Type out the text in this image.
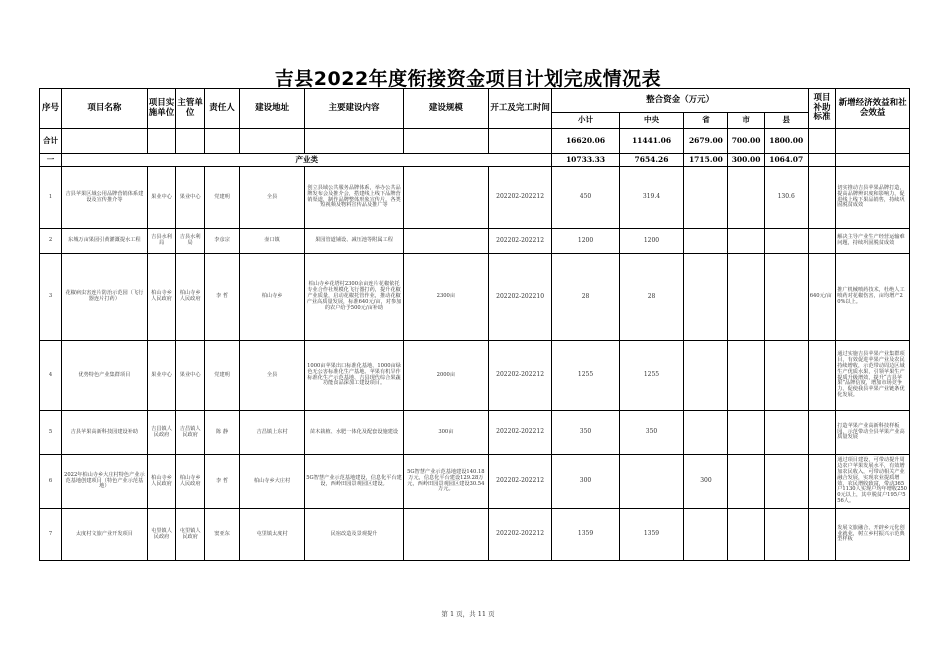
吉县2022年度衔接资金项目计划完成情况表
序号	项目名称	项目实施单位	主管单位	责任人	建设地址	主要建设内容	建设规模	开工及完工时间	整合资金（万元）					项目补助标准	新增经济效益和社会效益
									小计	中央	省	市	县		
合计									16620.06	11441.06	2679.00	700.00	1800.00		
一	产业类								10733.33	7654.26	1715.00	300.00	1064.07		
1	吉县苹果区域公用品牌营销体系建设及宣传推介等	果业中心	果业中心	党建明	全县	创立县域公共服务品牌体系，举办公共品牌发布会及推介会，搭建线上线下品牌营销渠道，制作品牌整体形象宣传片、各类短视频及物料宣传品及推广等		202202-202212	450	319.4			130.6		切实推动吉县苹果品牌打造，提高品牌辨识度和影响力，促进线上线下果品销售，持续巩固脱贫成效
2	东城万亩果园引黄灌溉提水工程	吉县水利局	吉县水利局	李彦宗	壶口镇	果园管道铺设、减压池等附属工程		202202-202212	1200	1200					解决主导产业生产经营运输难问题，持续巩固脱贫成效
3	花椒病虫害连片防治示范园（飞行器连片打药）	柏山寺乡人民政府	柏山寺乡人民政府	李 哲	柏山寺乡	柏山寺乡花塔村2300余亩连片花椒依托专业合作社规模化飞行器打药，提升花椒产业质量，启动花椒托管作业，推动花椒产业高质量发展，标准640元/亩，对参加的农户给予500元/亩补助	2300亩	202202-202210	28	28				640元/亩	推广机械喷药技术，杜绝人工喷药对花椒伤害，亩均增产20%以上。
4	优势特色产业集群项目	果业中心	果业中心	党建明	全县	1000亩苹果出口标准化基地、1000亩绿色无公害标准化生产基地、苹果有机旱作标准化生产示范基地、吉县现代综合果蔬功能食品深加工建设项目。	2000亩	202202-202212	1255	1255					通过实施吉县苹果产业集群项目，有效促进苹果产业及农民持续增收，示范带动周边区域生产优质水果，引领苹果生产提质升级增效，提升“吉县苹果”品牌信度，增加市场竞争力，促使我县苹果产业链条优化发展。
5	吉县苹果高新科技园建设补助	吉昌镇人民政府	吉昌镇人民政府	陈 静	吉昌镇上东村	苗木栽植、水肥一体化及配套设施建设	300亩	202202-202212	350	350					打造苹果产业高新科技样板园，示范带动全县苹果产业高质量发展
6	2022年柏山寺乡大庄村特色产业示范基地创建项目（特色产业示范基地）	柏山寺乡人民政府	柏山寺乡人民政府	李 哲	柏山寺乡大庄村	5G智慧产业示范基地建设，信息化平台建设，西岭田园景观园区建设。	5G智慧产业示范基地建设140.18万元，信息化平台建设129.28万元，西岭田园景观园区建设30.54万元。	202202-202212	300		300				通过项目建设，可带动提升周边农户苹果发展水平，有效增加农民收入，可带动相关产业融合发展，实现农业提质增效，农民增收致富，带动365户1130人实现户均年增收2500元以上，其中脱贫户195户556人。
7	太度村文旅产业开发项目	屯里镇人民政府	屯里镇人民政府	窦亚东	屯里镇太度村	民宿改造及景观提升		202202-202212	1359	1359					发展文旅融合，开辟乡元化创业就业，树立乡村振兴示范典型样板
第 1 页，共 11 页
